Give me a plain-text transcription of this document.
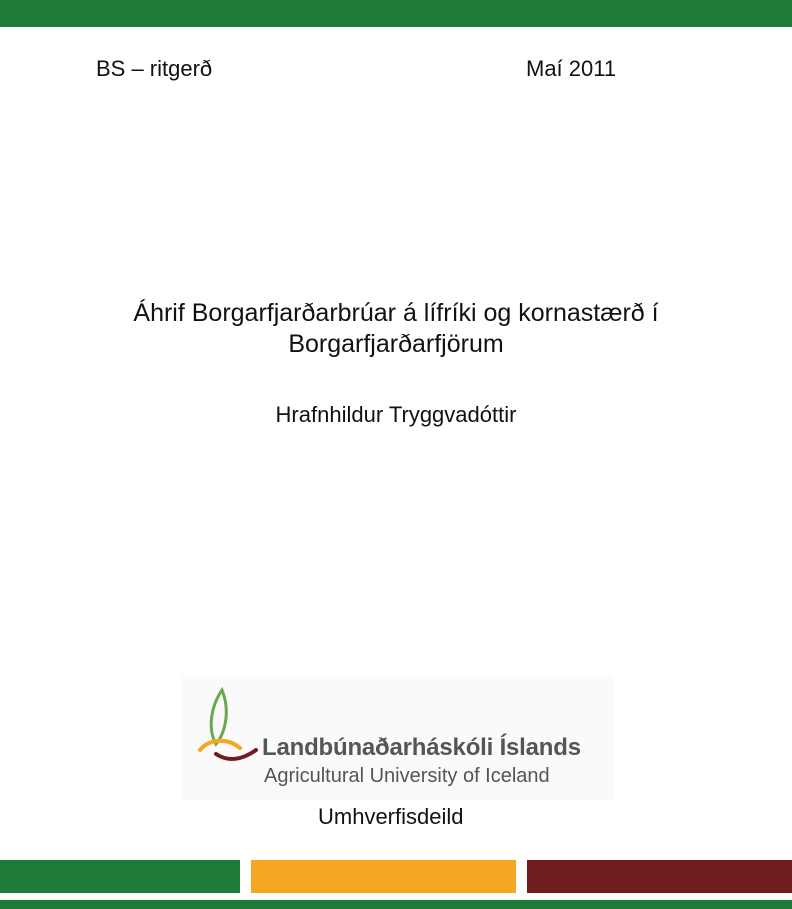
BS – ritgerð	Maí 2011
Áhrif Borgarfjarðarbrúar á lífríki og kornastærð í
Borgarfjarðarfjörum
Hrafnhildur Tryggvadóttir
Landbúnaðarháskóli Íslands
Agricultural University of Iceland
Umhverfisdeild
